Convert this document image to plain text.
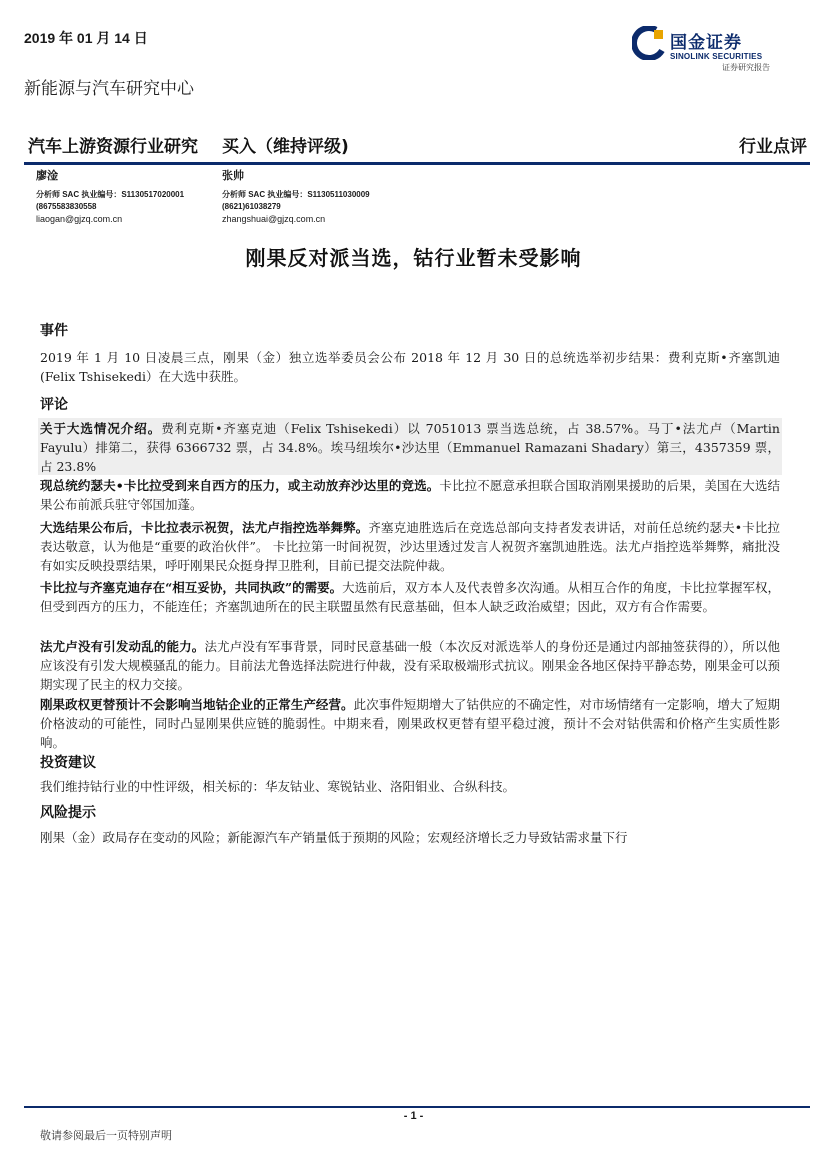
2019 年 01 月 14 日
新能源与汽车研究中心
国金证券
SINOLINK SECURITIES
证券研究报告
汽车上游资源行业研究 买入（维持评级)	行业点评
廖淦
分析师 SAC 执业编号：S1130517020001
(8675583830558
liaogan@gjzq.com.cn
张帅
分析师 SAC 执业编号：S1130511030009
(8621)61038279
zhangshuai@gjzq.com.cn
刚果反对派当选，钴行业暂未受影响
事件
2019 年 1 月 10 日凌晨三点，刚果（金）独立选举委员会公布 2018 年 12 月 30 日的总统选举初步结果：费利克斯•齐塞凯迪(Felix Tshisekedi）在大选中获胜。
评论
关于大选情况介绍。费利克斯•齐塞克迪（Felix Tshisekedi）以 7051013 票当选总统，占 38.57%。马丁•法尤卢（Martin Fayulu）排第二，获得 6366732 票，占 34.8%。埃马纽埃尔•沙达里（Emmanuel Ramazani Shadary）第三，4357359 票，占 23.8%
现总统约瑟夫•卡比拉受到来自西方的压力，或主动放弃沙达里的竞选。卡比拉不愿意承担联合国取消刚果援助的后果，美国在大选结果公布前派兵驻守邻国加蓬。
大选结果公布后，卡比拉表示祝贺，法尤卢指控选举舞弊。齐塞克迪胜选后在竞选总部向支持者发表讲话，对前任总统约瑟夫•卡比拉表达敬意，认为他是“重要的政治伙伴”。 卡比拉第一时间祝贺，沙达里透过发言人祝贺齐塞凯迪胜选。法尤卢指控选举舞弊，痛批没有如实反映投票结果，呼吁刚果民众挺身捍卫胜利，目前已提交法院仲裁。
卡比拉与齐塞克迪存在“相互妥协，共同执政”的需要。大选前后，双方本人及代表曾多次沟通。从相互合作的角度，卡比拉掌握军权，但受到西方的压力，不能连任；齐塞凯迪所在的民主联盟虽然有民意基础，但本人缺乏政治威望；因此，双方有合作需要。
法尤卢没有引发动乱的能力。法尤卢没有军事背景，同时民意基础一般（本次反对派选举人的身份还是通过内部抽签获得的），所以他应该没有引发大规模骚乱的能力。目前法尤鲁选择法院进行仲裁，没有采取极端形式抗议。刚果金各地区保持平静态势，刚果金可以预期实现了民主的权力交接。
刚果政权更替预计不会影响当地钴企业的正常生产经营。此次事件短期增大了钴供应的不确定性，对市场情绪有一定影响，增大了短期价格波动的可能性，同时凸显刚果供应链的脆弱性。中期来看，刚果政权更替有望平稳过渡，预计不会对钴供需和价格产生实质性影响。
投资建议
我们维持钴行业的中性评级，相关标的：华友钴业、寒锐钴业、洛阳钼业、合纵科技。
风险提示
刚果（金）政局存在变动的风险；新能源汽车产销量低于预期的风险；宏观经济增长乏力导致钴需求量下行
- 1 -
敬请参阅最后一页特别声明
